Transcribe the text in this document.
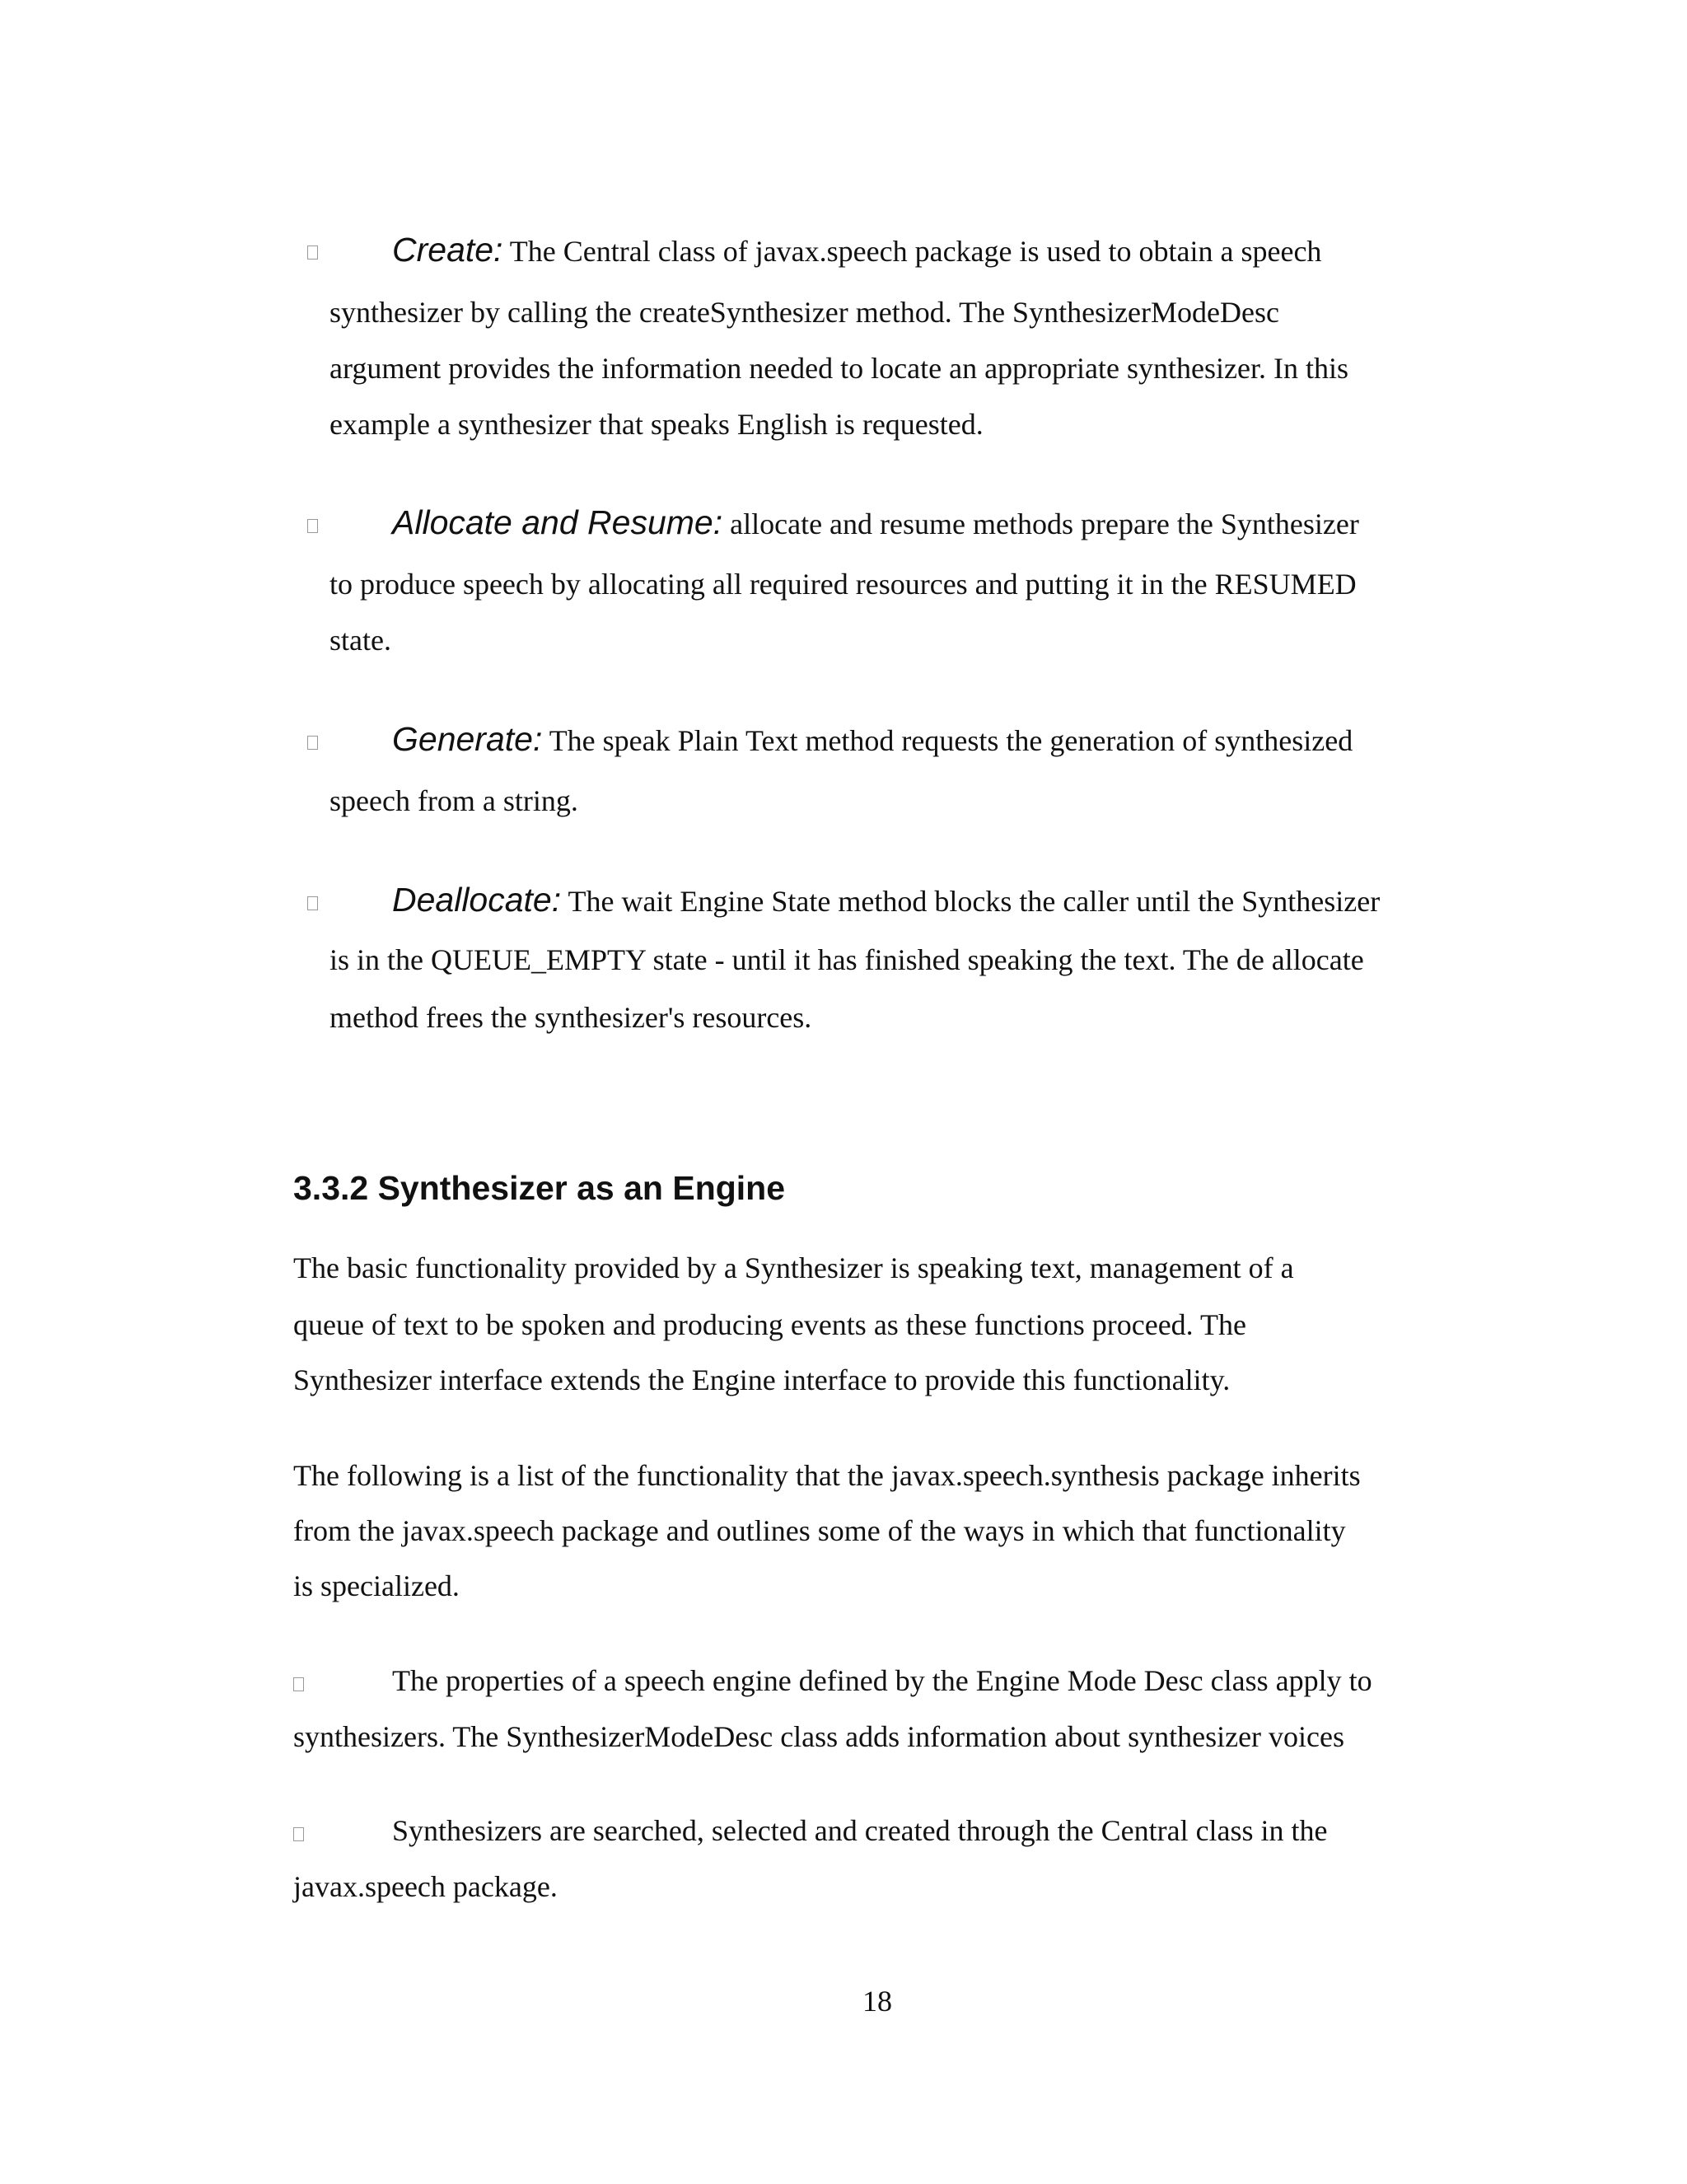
Create: The Central class of javax.speech package is used to obtain a speech
synthesizer by calling the createSynthesizer method. The SynthesizerModeDesc
argument provides the information needed to locate an appropriate synthesizer. In this
example a synthesizer that speaks English is requested.
Allocate and Resume: allocate and resume methods prepare the Synthesizer
to produce speech by allocating all required resources and putting it in the RESUMED
state.
Generate: The speak Plain Text method requests the generation of synthesized
speech from a string.
Deallocate: The wait Engine State method blocks the caller until the Synthesizer
is in the QUEUE_EMPTY state - until it has finished speaking the text. The de allocate
method frees the synthesizer's resources.
3.3.2 Synthesizer as an Engine
The basic functionality provided by a Synthesizer is speaking text, management of a
queue of text to be spoken and producing events as these functions proceed. The
Synthesizer interface extends the Engine interface to provide this functionality.
The following is a list of the functionality that the javax.speech.synthesis package inherits
from the javax.speech package and outlines some of the ways in which that functionality
is specialized.
The properties of a speech engine defined by the Engine Mode Desc class apply to
synthesizers. The SynthesizerModeDesc class adds information about synthesizer voices
Synthesizers are searched, selected and created through the Central class in the
javax.speech package.
18
